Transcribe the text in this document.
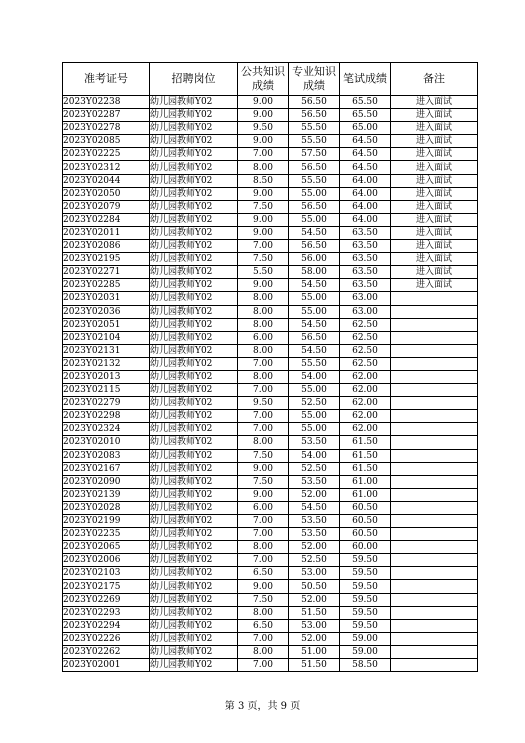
准考证号	招聘岗位	公共知识成绩	专业知识成绩	笔试成绩	备注
2023Y02238	幼儿园教师Y02	9.00	56.50	65.50	进入面试
2023Y02287	幼儿园教师Y02	9.00	56.50	65.50	进入面试
2023Y02278	幼儿园教师Y02	9.50	55.50	65.00	进入面试
2023Y02085	幼儿园教师Y02	9.00	55.50	64.50	进入面试
2023Y02225	幼儿园教师Y02	7.00	57.50	64.50	进入面试
2023Y02312	幼儿园教师Y02	8.00	56.50	64.50	进入面试
2023Y02044	幼儿园教师Y02	8.50	55.50	64.00	进入面试
2023Y02050	幼儿园教师Y02	9.00	55.00	64.00	进入面试
2023Y02079	幼儿园教师Y02	7.50	56.50	64.00	进入面试
2023Y02284	幼儿园教师Y02	9.00	55.00	64.00	进入面试
2023Y02011	幼儿园教师Y02	9.00	54.50	63.50	进入面试
2023Y02086	幼儿园教师Y02	7.00	56.50	63.50	进入面试
2023Y02195	幼儿园教师Y02	7.50	56.00	63.50	进入面试
2023Y02271	幼儿园教师Y02	5.50	58.00	63.50	进入面试
2023Y02285	幼儿园教师Y02	9.00	54.50	63.50	进入面试
2023Y02031	幼儿园教师Y02	8.00	55.00	63.00	
2023Y02036	幼儿园教师Y02	8.00	55.00	63.00	
2023Y02051	幼儿园教师Y02	8.00	54.50	62.50	
2023Y02104	幼儿园教师Y02	6.00	56.50	62.50	
2023Y02131	幼儿园教师Y02	8.00	54.50	62.50	
2023Y02132	幼儿园教师Y02	7.00	55.50	62.50	
2023Y02013	幼儿园教师Y02	8.00	54.00	62.00	
2023Y02115	幼儿园教师Y02	7.00	55.00	62.00	
2023Y02279	幼儿园教师Y02	9.50	52.50	62.00	
2023Y02298	幼儿园教师Y02	7.00	55.00	62.00	
2023Y02324	幼儿园教师Y02	7.00	55.00	62.00	
2023Y02010	幼儿园教师Y02	8.00	53.50	61.50	
2023Y02083	幼儿园教师Y02	7.50	54.00	61.50	
2023Y02167	幼儿园教师Y02	9.00	52.50	61.50	
2023Y02090	幼儿园教师Y02	7.50	53.50	61.00	
2023Y02139	幼儿园教师Y02	9.00	52.00	61.00	
2023Y02028	幼儿园教师Y02	6.00	54.50	60.50	
2023Y02199	幼儿园教师Y02	7.00	53.50	60.50	
2023Y02235	幼儿园教师Y02	7.00	53.50	60.50	
2023Y02065	幼儿园教师Y02	8.00	52.00	60.00	
2023Y02006	幼儿园教师Y02	7.00	52.50	59.50	
2023Y02103	幼儿园教师Y02	6.50	53.00	59.50	
2023Y02175	幼儿园教师Y02	9.00	50.50	59.50	
2023Y02269	幼儿园教师Y02	7.50	52.00	59.50	
2023Y02293	幼儿园教师Y02	8.00	51.50	59.50	
2023Y02294	幼儿园教师Y02	6.50	53.00	59.50	
2023Y02226	幼儿园教师Y02	7.00	52.00	59.00	
2023Y02262	幼儿园教师Y02	8.00	51.00	59.00	
2023Y02001	幼儿园教师Y02	7.00	51.50	58.50	
第 3 页，共 9 页
